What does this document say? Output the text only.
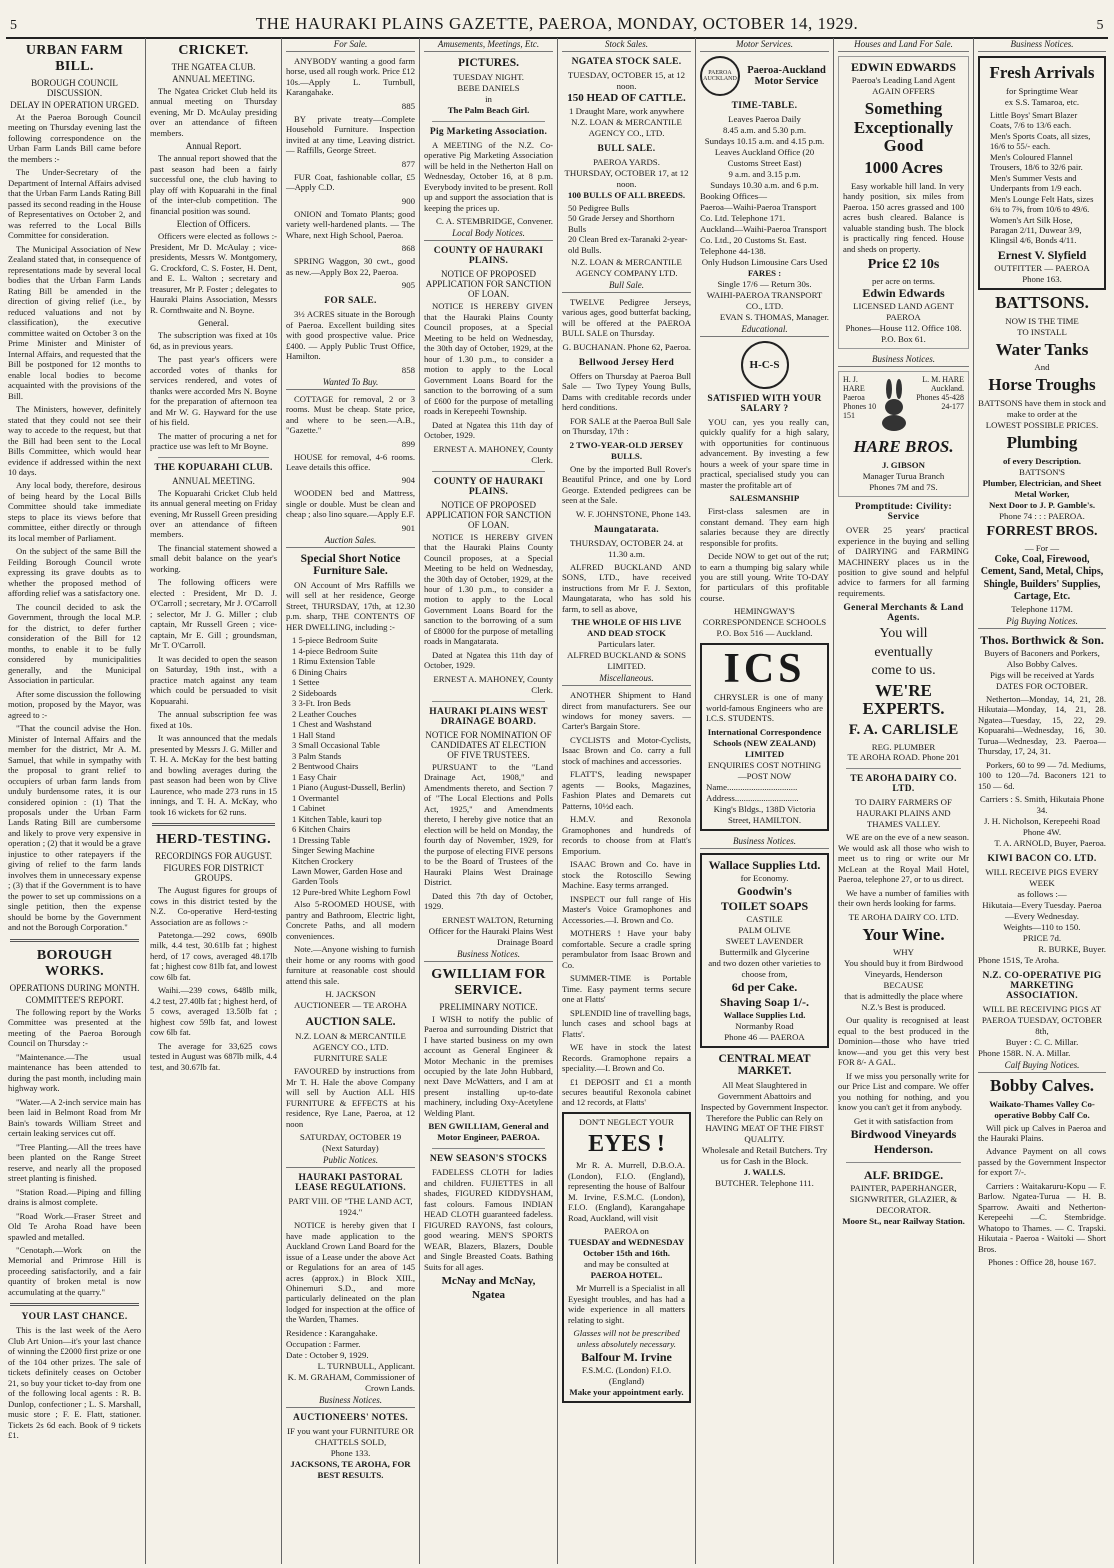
5	THE HAURAKI PLAINS GAZETTE, PAEROA, MONDAY, OCTOBER 14, 1929.	5
URBAN FARM BILL.
BOROUGH COUNCIL DISCUSSION.
DELAY IN OPERATION URGED.

At the Paeroa Borough Council meeting on Thursday evening last the following correspondence on the Urban Farm Lands Bill came before the members :-

The Under-Secretary of the Department of Internal Affairs advised that the Urban Farm Lands Rating Bill passed its second reading in the House of Representatives on October 2, and was referred to the Local Bills Committee for consideration.

The Municipal Association of New Zealand stated that, in consequence of representations made by several local bodies that the Urban Farm Lands Rating Bill be amended in the direction of giving relief (i.e., by reduced valuations and not by classification), the executive committee waited on October 3 on the Prime Minister and Minister of Internal Affairs, and requested that the Bill be postponed for 12 months to enable local bodies to become acquainted with the provisions of the Bill.

The Ministers, however, definitely stated that they could not see their way to accede to the request, but that the Bill had been sent to the Local Bills Committee, which would hear evidence if addressed within the next 10 days.

Any local body, therefore, desirous of being heard by the Local Bills Committee should take immediate steps to place its views before that committee, either directly or through its local member of Parliament.

On the subject of the same Bill the Feilding Borough Council wrote expressing its grave doubts as to whether the proposed method of affording relief was a satisfactory one.

The council decided to ask the Government, through the local M.P. for the district, to defer further consideration of the Bill for 12 months, to enable it to be fully considered by municipalities generally, and the Municipal Association in particular.

After some discussion the following motion, proposed by the Mayor, was agreed to :-

"That the council advise the Hon. Minister of Internal Affairs and the member for the district, Mr A. M. Samuel, that while in sympathy with the proposal to grant relief to occupiers of urban farm lands from unduly burdensome rates, it is our considered opinion : (1) That the proposals under the Urban Farm Lands Rating Bill are cumbersome and likely to prove very expensive in operation ; (2) that it would be a grave injustice to other ratepayers if the giving of relief to the farm lands involves them in unnecessary expense ; (3) that if the Government is to have the power to set up commissions on a single petition, then the expense should be borne by the Government and not the Borough Corporation."

BOROUGH WORKS.
OPERATIONS DURING MONTH.
COMMITTEE'S REPORT.

The following report by the Works Committee was presented at the meeting of the Paeroa Borough Council on Thursday :-

"Maintenance.—The usual maintenance has been attended to during the past month, including main highway work.

"Water.—A 2-inch service main has been laid in Belmont Road from Mr Bain's towards William Street and certain leaking services cut off.

"Tree Planting.—All the trees have been planted on the Range Street reserve, and nearly all the proposed street planting is finished.

"Station Road.—Piping and filling drains is almost complete.

"Road Work.—Fraser Street and Old Te Aroha Road have been spawled and metalled.

"Cenotaph.—Work on the Memorial and Primrose Hill is proceeding satisfactorily, and a fair quantity of broken metal is now accumulating at the quarry."

YOUR LAST CHANCE.

This is the last week of the Aero Club Art Union—it's your last chance of winning the £2000 first prize or one of the 104 other prizes. The sale of tickets definitely ceases on October 21, so buy your ticket to-day from one of the following local agents : R. B. Dunlop, confectioner ; L. S. Marshall, music store ; F. E. Flatt, stationer. Tickets 2s 6d each. Book of 9 tickets £1.

CRICKET.
THE NGATEA CLUB.
ANNUAL MEETING.

The Ngatea Cricket Club held its annual meeting on Thursday evening, Mr D. McAulay presiding over an attendance of fifteen members.

Annual Report.

The annual report showed that the past season had been a fairly successful one, the club having to play off with Kopuarahi in the final of the inter-club competition. The financial position was sound.

Election of Officers.

Officers were elected as follows :- President, Mr D. McAulay ; vice-presidents, Messrs W. Montgomery, G. Crockford, C. S. Foster, H. Dent, and E. L. Walton ; secretary and treasurer, Mr P. Foster ; delegates to Hauraki Plains Association, Messrs R. Cornthwaite and N. Boyne.

General.

The subscription was fixed at 10s 6d, as in previous years.

The past year's officers were accorded votes of thanks for services rendered, and votes of thanks were accorded Mrs N. Boyne for the preparation of afternoon tea and Mr W. G. Hayward for the use of his field.

The matter of procuring a net for practice use was left to Mr Boyne.

THE KOPUARAHI CLUB.
ANNUAL MEETING.

The Kopuarahi Cricket Club held its annual general meeting on Friday evening, Mr Russell Green presiding over an attendance of fifteen members.

The financial statement showed a small debit balance on the year's working.

The following officers were elected : President, Mr D. J. O'Carroll ; secretary, Mr J. O'Carroll ; selector, Mr J. G. Miller ; club captain, Mr Russell Green ; vice-captain, Mr E. Gill ; groundsman, Mr T. O'Carroll.

It was decided to open the season on Saturday, 19th inst., with a practice match against any team which could be persuaded to visit Kopuarahi.

The annual subscription fee was fixed at 10s.

It was announced that the medals presented by Messrs J. G. Miller and T. H. A. McKay for the best batting and bowling averages during the past season had been won by Clive Laurence, who made 273 runs in 15 innings, and T. H. A. McKay, who took 16 wickets for 62 runs.

HERD-TESTING.
RECORDINGS FOR AUGUST.
FIGURES FOR DISTRICT GROUPS.

The August figures for groups of cows in this district tested by the N.Z. Co-operative Herd-testing Association are as follows :-

Patetonga.—292 cows, 690lb milk, 4.4 test, 30.61lb fat ; highest herd, of 17 cows, averaged 48.17lb fat ; highest cow 81lb fat, and lowest cow 6lb fat.

Waihi.—239 cows, 648lb milk, 4.2 test, 27.40lb fat ; highest herd, of 5 cows, averaged 13.50lb fat ; highest cow 59lb fat, and lowest cow 6lb fat.

The average for 33,625 cows tested in August was 687lb milk, 4.4 test, and 30.67lb fat.

For Sale.

ANYBODY wanting a good farm horse, used all rough work. Price £12 10s.—Apply L. Turnbull, Karangahake.

885

BY private treaty—Complete Household Furniture. Inspection invited at any time, Leaving district. — Raffills, George Street.

877

FUR Coat, fashionable collar, £5 —Apply C.D.

900

ONION and Tomato Plants; good variety well-hardened plants. — The Whare, next High School, Paeroa.

868

SPRING Waggon, 30 cwt., good as new.—Apply Box 22, Paeroa.

905
FOR SALE.

3½ ACRES situate in the Borough of Paeroa. Excellent building sites with good prospective value. Price £400. — Apply Public Trust Office, Hamilton.

858
Wanted To Buy.

COTTAGE for removal, 2 or 3 rooms. Must be cheap. State price, and where to be seen.—A.B., "Gazette."

899

HOUSE for removal, 4-6 rooms. Leave details this office.

904

WOODEN bed and Mattress, single or double. Must be clean and cheap ; also lino square.—Apply E.F.

901
Auction Sales.
Special Short Notice Furniture Sale.

ON Account of Mrs Raffills we will sell at her residence, George Street, THURSDAY, 17th, at 12.30 p.m. sharp, THE CONTENTS OF HER DWELLING, including :-

1 5-piece Bedroom Suite
1 4-piece Bedroom Suite
1 Rimu Extension Table
6 Dining Chairs
1 Settee
2 Sideboards
3 3-Ft. Iron Beds
2 Leather Couches
1 Chest and Washstand
1 Hall Stand
3 Small Occasional Table
3 Palm Stands
2 Bentwood Chairs
1 Easy Chair
1 Piano (August-Dussell, Berlin)
1 Overmantel
1 Cabinet
1 Kitchen Table, kauri top
6 Kitchen Chairs
1 Dressing Table
Singer Sewing Machine
Kitchen Crockery
Lawn Mower, Garden Hose and Garden Tools
12 Pure-bred White Leghorn Fowl

Also 5-ROOMED HOUSE, with pantry and Bathroom, Electric light, Concrete Paths, and all modern conveniences.

Note.—Anyone wishing to furnish their home or any rooms with good furniture at reasonable cost should attend this sale.

H. JACKSON
AUCTIONEER — TE AROHA
AUCTION SALE.
N.Z. LOAN & MERCANTILE AGENCY CO., LTD.
FURNITURE SALE

FAVOURED by instructions from Mr T. H. Hale the above Company will sell by Auction ALL HIS FURNITURE & EFFECTS at his residence, Rye Lane, Paeroa, at 12 noon

SATURDAY, OCTOBER 19
(Next Saturday)
Public Notices.
HAURAKI PASTORAL LEASE REGULATIONS.
PART VIII. OF "THE LAND ACT, 1924."

NOTICE is hereby given that I have made application to the Auckland Crown Land Board for the issue of a Lease under the above Act or Regulations for an area of 145 acres (approx.) in Block XIII., Ohinemuri S.D., and more particularly delineated on the plan lodged for inspection at the office of the Warden, Thames.

Residence : Karangahake.
Occupation : Farmer.
Date : October 9, 1929.
L. TURNBULL, Applicant.
K. M. GRAHAM, Commissioner of Crown Lands.
Business Notices.
AUCTIONEERS' NOTES.
IF you want your FURNITURE OR CHATTELS SOLD,
Phone 133.
JACKSONS, TE AROHA, FOR BEST RESULTS.
Amusements, Meetings, Etc.
PICTURES.
TUESDAY NIGHT.
BEBE DANIELS
in
The Palm Beach Girl.
Pig Marketing Association.

A MEETING of the N.Z. Co-operative Pig Marketing Association will be held in the Netherton Hall on Wednesday, October 16, at 8 p.m. Everybody invited to be present. Roll up and support the association that is keeping the prices up.

C. A. STEMBRIDGE, Convener.
Local Body Notices.
COUNTY OF HAURAKI PLAINS.
NOTICE OF PROPOSED APPLICATION FOR SANCTION OF LOAN.

NOTICE IS HEREBY GIVEN that the Hauraki Plains County Council proposes, at a Special Meeting to be held on Wednesday, the 30th day of October, 1929, at the hour of 1.30 p.m., to consider a motion to apply to the Local Government Loans Board for the sanction to the borrowing of a sum of £600 for the purpose of metalling roads in Kerepeehi Township.

Dated at Ngatea this 11th day of October, 1929.

ERNEST A. MAHONEY, County Clerk.
COUNTY OF HAURAKI PLAINS.
NOTICE OF PROPOSED APPLICATION FOR SANCTION OF LOAN.

NOTICE IS HEREBY GIVEN that the Hauraki Plains County Council proposes, at a Special Meeting to be held on Wednesday, the 30th day of October, 1929, at the hour of 1.30 p.m., to consider a motion to apply to the Local Government Loans Board for the sanction to the borrowing of a sum of £8000 for the purpose of metalling roads in Mangatarata.

Dated at Ngatea this 11th day of October, 1929.

ERNEST A. MAHONEY, County Clerk.
HAURAKI PLAINS WEST DRAINAGE BOARD.
NOTICE FOR NOMINATION OF CANDIDATES AT ELECTION OF FIVE TRUSTEES.

PURSUANT to the "Land Drainage Act, 1908," and Amendments thereto, and Section 7 of "The Local Elections and Polls Act, 1925," and Amendments thereto, I hereby give notice that an election will be held on Monday, the fourth day of November, 1929, for the purpose of electing FIVE persons to be the Board of Trustees of the Hauraki Plains West Drainage District.

Dated this 7th day of October, 1929.

ERNEST WALTON, Returning Officer for the Hauraki Plains West Drainage Board
Business Notices.
GWILLIAM FOR SERVICE.
PRELIMINARY NOTICE.

I WISH to notify the public of Paeroa and surrounding District that I have started business on my own account as General Engineer & Motor Mechanic in the premises occupied by the late John Hubbard, next Dave McWatters, and I am at present installing up-to-date machinery, including Oxy-Acetylene Welding Plant.

BEN GWILLIAM, General and Motor Engineer, PAEROA.
NEW SEASON'S STOCKS

FADELESS CLOTH for ladies and children. FUJIETTES in all shades, FIGURED KIDDYSHAM, fast colours. Famous INDIAN HEAD CLOTH guaranteed fadeless. FIGURED RAYONS, fast colours, good wearing. MEN'S SPORTS WEAR, Blazers, Blazers, Double and Single Breasted Coats. Bathing Suits for all ages.

McNay and McNay, Ngatea
Stock Sales.
NGATEA STOCK SALE.
TUESDAY, OCTOBER 15, at 12 noon.
150 HEAD OF CATTLE.
1 Draught Mare, work anywhere
N.Z. LOAN & MERCANTILE AGENCY CO., LTD.
BULL SALE.
PAEROA YARDS.
THURSDAY, OCTOBER 17, at 12 noon.
100 BULLS OF ALL BREEDS.
50 Pedigree Bulls
50 Grade Jersey and Shorthorn Bulls
20 Clean Bred ex-Taranaki 2-year-old Bulls.
N.Z. LOAN & MERCANTILE AGENCY COMPANY LTD.
Bull Sale.

TWELVE Pedigree Jerseys, various ages, good butterfat backing, will be offered at the PAEROA BULL SALE on Thursday.

G. BUCHANAN. Phone 62, Paeroa.
Bellwood Jersey Herd

Offers on Thursday at Paeroa Bull Sale — Two Typey Young Bulls, Dams with creditable records under herd conditions.

FOR SALE at the Paeroa Bull Sale on Thursday, 17th :

2 TWO-YEAR-OLD JERSEY BULLS.

One by the imported Bull Rover's Beautiful Prince, and one by Lord George. Extended pedigrees can be seen at the Sale.

W. F. JOHNSTONE, Phone 143.
Maungatarata.
THURSDAY, OCTOBER 24. at 11.30 a.m.

ALFRED BUCKLAND AND SONS, LTD., have received instructions from Mr F. J. Sexton, Maungatarata, who has sold his farm, to sell as above,

THE WHOLE OF HIS LIVE AND DEAD STOCK
Particulars later.
ALFRED BUCKLAND & SONS LIMITED.
Miscellaneous.

ANOTHER Shipment to Hand direct from manufacturers. See our windows for money savers. —Carter's Bargain Store.

CYCLISTS and Motor-Cyclists, Isaac Brown and Co. carry a full stock of machines and accessories.

FLATT'S, leading newspaper agents — Books, Magazines, Fashion Plates and Demarets cut Patterns, 10½d each.

H.M.V. and Rexonola Gramophones and hundreds of records to choose from at Flatt's Emporium.

ISAAC Brown and Co. have in stock the Rotoscillo Sewing Machine. Easy terms arranged.

INSPECT our full range of His Master's Voice Gramophones and Accessories.—I. Brown and Co.

MOTHERS ! Have your baby comfortable. Secure a cradle spring perambulator from Isaac Brown and Co.

SUMMER-TIME is Portable Time. Easy payment terms secure one at Flatts'

SPLENDID line of travelling bags, lunch cases and school bags at Flatts'.

WE have in stock the latest Records. Gramophone repairs a speciality.—I. Brown and Co.

£1 DEPOSIT and £1 a month secures beautiful Rexonola cabinet and 12 records, at Flatts'

DON'T NEGLECT YOUR
EYES !

Mr R. A. Murrell, D.B.O.A. (London), F.I.O. (England), representing the house of Balfour M. Irvine, F.S.M.C. (London), F.I.O. (England), Karangahape Road, Auckland, will visit

PAEROA on
TUESDAY and WEDNESDAY October 15th and 16th.
and may be consulted at
PAEROA HOTEL.

Mr Murrell is a Specialist in all Eyesight troubles, and has had a wide experience in all matters relating to sight.

Glasses will not be prescribed unless absolutely necessary.
Balfour M. Irvine
F.S.M.C. (London) F.I.O. (England)
Make your appointment early.
Motor Services.
PAEROA AUCKLAND
Paeroa-Auckland Motor Service
TIME-TABLE.
Leaves Paeroa Daily
8.45 a.m. and 5.30 p.m.
Sundays 10.15 a.m. and 4.15 p.m.
Leaves Auckland Office (20 Customs Street East)
9 a.m. and 3.15 p.m.
Sundays 10.30 a.m. and 6 p.m.
Booking Offices—
Paeroa—Waihi-Paeroa Transport Co. Ltd. Telephone 171.
Auckland—Waihi-Paeroa Transport Co. Ltd., 20 Customs St. East. Telephone 44-138.
Only Hudson Limousine Cars Used
FARES :
Single 17/6 — Return 30s.
WAIHI-PAEROA TRANSPORT CO., LTD.
EVAN S. THOMAS, Manager.
Educational.
H-C-S
SATISFIED WITH YOUR SALARY ?

YOU can, yes you really can, quickly qualify for a high salary, with opportunities for continuous advancement. By investing a few hours a week of your spare time in practical, specialised study you can master the profitable art of

SALESMANSHIP

First-class salesmen are in constant demand. They earn high salaries because they are directly responsible for profits.

Decide NOW to get out of the rut; to earn a thumping big salary while you are still young. Write TO-DAY for particulars of this profitable course.

HEMINGWAY'S CORRESPONDENCE SCHOOLS
P.O. Box 516 — Auckland.
ICS

CHRYSLER is one of many world-famous Engineers who are I.C.S. STUDENTS.

International Correspondence Schools (NEW ZEALAND) LIMITED
ENQUIRIES COST NOTHING—POST NOW
Name................................
Address.............................
King's Bldgs., 138D Victoria Street, HAMILTON.
Business Notices.
Wallace Supplies Ltd.
for Economy.
Goodwin's
TOILET SOAPS
CASTILE
PALM OLIVE
SWEET LAVENDER
Buttermilk and Glycerine
and two dozen other varieties to choose from,
6d per Cake.
Shaving Soap 1/-.
Wallace Supplies Ltd.
Normanby Road
Phone 46 — PAEROA
CENTRAL MEAT MARKET.
All Meat Slaughtered in Government Abattoirs and Inspected by Government Inspector.
Therefore the Public can Rely on HAVING MEAT OF THE FIRST QUALITY.
Wholesale and Retail Butchers. Try us for Cash in the Block.
J. WALLS.
BUTCHER. Telephone 111.
Houses and Land For Sale.
EDWIN EDWARDS
Paeroa's Leading Land Agent
AGAIN OFFERS
Something Exceptionally Good
1000 Acres

Easy workable hill land. In very handy position, six miles from Paeroa. 150 acres grassed and 100 acres bush cleared. Balance is valuable standing bush. The block is practically ring fenced. House and sheds on property.

Price £2 10s
per acre on terms.
Edwin Edwards
LICENSED LAND AGENT PAEROA
Phones—House 112. Office 108. P.O. Box 61.
Business Notices.
H. J. HARE
Paeroa Phones 10 151
L. M. HARE
Auckland. Phones 45-428 24-177
HARE BROS.
J. GIBSON
Manager Turua Branch
Phones 7M and 7S.
Promptitude: Civility: Service

OVER 25 years' practical experience in the buying and selling of DAIRYING and FARMING MACHINERY places us in the position to give sound and helpful advice to farmers for all farming requirements.

General Merchants & Land Agents.
You will
eventually
come to us.
WE'RE EXPERTS.
F. A. CARLISLE
REG. PLUMBER
TE AROHA ROAD. Phone 201
TE AROHA DAIRY CO. LTD.
TO DAIRY FARMERS OF HAURAKI PLAINS AND THAMES VALLEY.

WE are on the eve of a new season. We would ask all those who wish to meet us to ring or write our Mr McLean at the Royal Mail Hotel, Paeroa, telephone 27, or to us direct.

We have a number of families with their own herds looking for farms.

TE AROHA DAIRY CO. LTD.
Your Wine.
WHY
You should buy it from Birdwood Vineyards, Henderson
BECAUSE
that is admittedly the place where N.Z.'s Best is produced.

Our quality is recognised at least equal to the best produced in the Dominion—those who have tried know—and you get this very best FOR 8/- A GAL.

If we miss you personally write for our Price List and compare. We offer you nothing for nothing, and you know you can't get it from anybody.

Get it with satisfaction from
Birdwood Vineyards Henderson.
ALF. BRIDGE.
PAINTER, PAPERHANGER, SIGNWRITER, GLAZIER, & DECORATOR.
Moore St., near Railway Station.
Business Notices.
Fresh Arrivals
for Springtime Wear
ex S.S. Tamaroa, etc.
Little Boys' Smart Blazer Coats, 7/6 to 13/6 each.
Men's Sports Coats, all sizes, 16/6 to 55/- each.
Men's Coloured Flannel Trousers, 18/6 to 32/6 pair.
Men's Summer Vests and Underpants from 1/9 each.
Men's Lounge Felt Hats, sizes 6¾ to 7⅜, from 10/6 to 49/6.
Women's Art Silk Hose, Paragan 2/11, Duwear 3/9, Klingsil 4/6, Bonds 4/11.
Ernest V. Slyfield
OUTFITTER — PAEROA
Phone 163.
BATTSONS.
NOW IS THE TIME
TO INSTALL
Water Tanks
And
Horse Troughs
BATTSONS have them in stock and make to order at the
LOWEST POSSIBLE PRICES.
Plumbing
of every Description.
BATTSON'S
Plumber, Electrician, and Sheet Metal Worker,
Next Door to J. P. Gamble's.
Phone 74 : : : PAEROA.
FORREST BROS.
— For —
Coke, Coal, Firewood, Cement, Sand, Metal, Chips, Shingle, Builders' Supplies, Cartage, Etc.
Telephone 117M.
Pig Buying Notices.
Thos. Borthwick & Son.
Buyers of Baconers and Porkers, Also Bobby Calves.
Pigs will be received at Yards
DATES FOR OCTOBER.

Netherton—Monday, 14, 21, 28. Hikutaia—Monday, 14, 21, 28. Ngatea—Tuesday, 15, 22, 29. Kopuarahi—Wednesday, 16, 30. Turua—Wednesday, 23. Paeroa—Thursday, 17, 24, 31.

Porkers, 60 to 99 — 7d. Mediums, 100 to 120—7d. Baconers 121 to 150 — 6d.

Carriers : S. Smith, Hikutaia Phone 34.
J. H. Nicholson, Kerepeehi Road Phone 4W.
T. A. ARNOLD, Buyer, Paeroa.
KIWI BACON CO. LTD.
WILL RECEIVE PIGS EVERY WEEK
as follows :—
Hikutaia—Every Tuesday. Paeroa—Every Wednesday.
Weights—110 to 150.
PRICE 7d.
R. BURKE, Buyer.
Phone 151S, Te Aroha.
N.Z. CO-OPERATIVE PIG MARKETING ASSOCIATION.
WILL BE RECEIVING PIGS AT PAEROA TUESDAY, OCTOBER 8th,
Buyer : C. C. Millar.
Phone 158R. N. A. Millar.
Calf Buying Notices.
Bobby Calves.
Waikato-Thames Valley Co-operative Bobby Calf Co.

Will pick up Calves in Paeroa and the Hauraki Plains.

Advance Payment on all cows passed by the Government Inspector for export 7/-.

Carriers : Waitakaruru-Kopu — F. Barlow. Ngatea-Turua — H. B. Sparrow. Awaiti and Netherton-Kerepeehi —C. Stembridge. Whatopo to Thames. — C. Trapski. Hikutaia - Paeroa - Waitoki — Short Bros.

Phones : Office 28, house 167.
